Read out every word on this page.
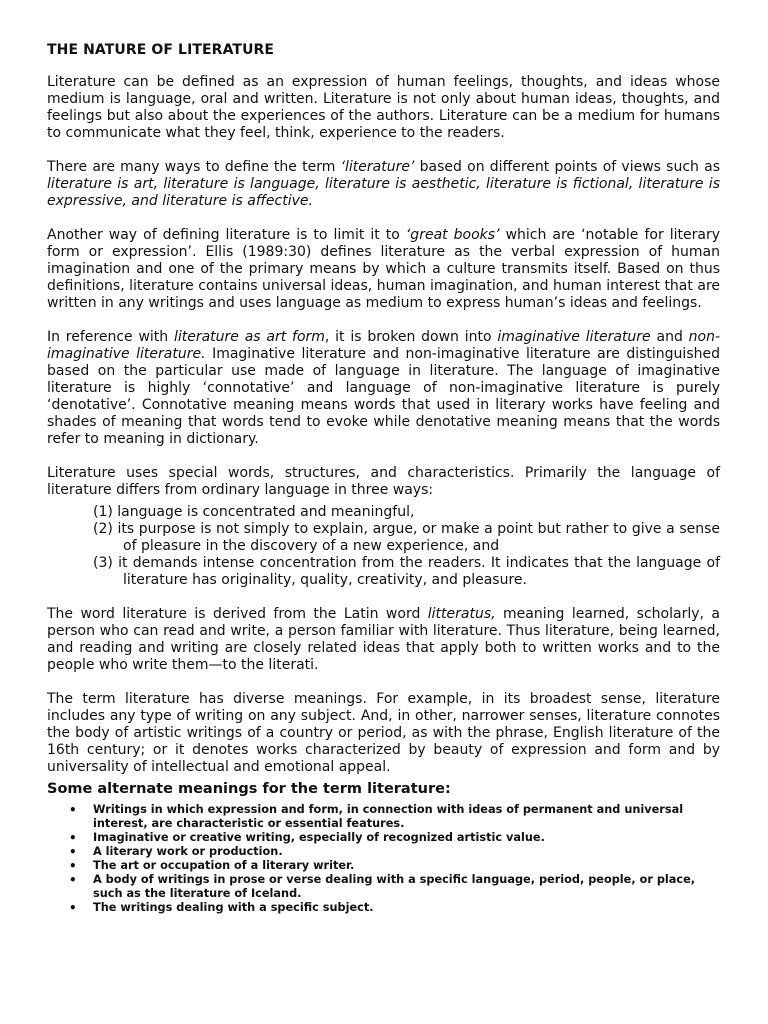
THE NATURE OF LITERATURE

Literature can be defined as an expression of human feelings, thoughts, and ideas whose medium is language, oral and written. Literature is not only about human ideas, thoughts, and feelings but also about the experiences of the authors. Literature can be a medium for humans to communicate what they feel, think, experience to the readers.

There are many ways to define the term ‘literature’ based on different points of views such as literature is art, literature is language, literature is aesthetic, literature is fictional, literature is expressive, and literature is affective.

Another way of defining literature is to limit it to ‘great books’ which are ‘notable for literary form or expression’. Ellis (1989:30) defines literature as the verbal expression of human imagination and one of the primary means by which a culture transmits itself. Based on thus definitions, literature contains universal ideas, human imagination, and human interest that are written in any writings and uses language as medium to express human’s ideas and feelings.

In reference with literature as art form, it is broken down into imaginative literature and non-imaginative literature. Imaginative literature and non-imaginative literature are distinguished based on the particular use made of language in literature. The language of imaginative literature is highly ‘connotative’ and language of non-imaginative literature is purely ‘denotative’. Connotative meaning means words that used in literary works have feeling and shades of meaning that words tend to evoke while denotative meaning means that the words refer to meaning in dictionary.

Literature uses special words, structures, and characteristics. Primarily the language of literature differs from ordinary language in three ways:

(1) language is concentrated and meaningful,
(2) its purpose is not simply to explain, argue, or make a point but rather to give a sense of pleasure in the discovery of a new experience, and
(3) it demands intense concentration from the readers. It indicates that the language of literature has originality, quality, creativity, and pleasure.

The word literature is derived from the Latin word litteratus, meaning learned, scholarly, a person who can read and write, a person familiar with literature. Thus literature, being learned, and reading and writing are closely related ideas that apply both to written works and to the people who write them—to the literati.

The term literature has diverse meanings. For example, in its broadest sense, literature includes any type of writing on any subject. And, in other, narrower senses, literature connotes the body of artistic writings of a country or period, as with the phrase, English literature of the 16th century; or it denotes works characterized by beauty of expression and form and by universality of intellectual and emotional appeal.

Some alternate meanings for the term literature:
• Writings in which expression and form, in connection with ideas of permanent and universal interest, are characteristic or essential features.
• Imaginative or creative writing, especially of recognized artistic value.
• A literary work or production.
• The art or occupation of a literary writer.
• A body of writings in prose or verse dealing with a specific language, period, people, or place, such as the literature of Iceland.
• The writings dealing with a specific subject.
